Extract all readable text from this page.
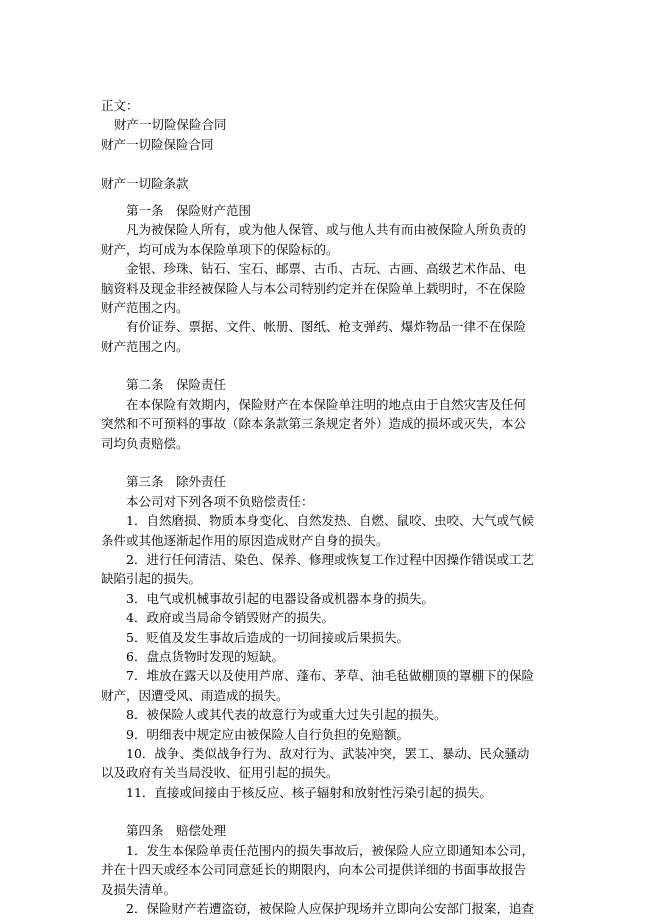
正文：
财产一切险保险合同
财产一切险保险合同
财产一切险条款
第一条　保险财产范围
凡为被保险人所有，或为他人保管、或与他人共有而由被保险人所负责的
财产，均可成为本保险单项下的保险标的。
金银、珍珠、钻石、宝石、邮票、古币、古玩、古画、高级艺术作品、电
脑资料及现金非经被保险人与本公司特别约定并在保险单上载明时，不在保险
财产范围之内。
有价证券、票据、文件、帐册、图纸、枪支弹药、爆炸物品一律不在保险
财产范围之内。
第二条　保险责任
在本保险有效期内，保险财产在本保险单注明的地点由于自然灾害及任何
突然和不可预料的事故（除本条款第三条规定者外）造成的损坏或灭失，本公
司均负责赔偿。
第三条　除外责任
本公司对下列各项不负赔偿责任：
1．自然磨损、物质本身变化、自然发热、自燃、鼠咬、虫咬、大气或气候
条件或其他逐渐起作用的原因造成财产自身的损失。
2．进行任何清洁、染色、保养、修理或恢复工作过程中因操作错误或工艺
缺陷引起的损失。
3．电气或机械事故引起的电器设备或机器本身的损失。
4．政府或当局命令销毁财产的损失。
5．贬值及发生事故后造成的一切间接或后果损失。
6．盘点货物时发现的短缺。
7．堆放在露天以及使用芦席、蓬布、茅草、油毛毡做棚顶的罩棚下的保险
财产，因遭受风、雨造成的损失。
8．被保险人或其代表的故意行为或重大过失引起的损失。
9．明细表中规定应由被保险人自行负担的免赔额。
10．战争、类似战争行为、敌对行为、武装冲突，罢工、暴动、民众骚动
以及政府有关当局没收、征用引起的损失。
11．直接或间接由于核反应、核子辐射和放射性污染引起的损失。
第四条　赔偿处理
1．发生本保险单责任范围内的损失事故后，被保险人应立即通知本公司，
并在十四天或经本公司同意延长的期限内，向本公司提供详细的书面事故报告
及损失清单。
2．保险财产若遭盗窃，被保险人应保护现场并立即向公安部门报案，追查
